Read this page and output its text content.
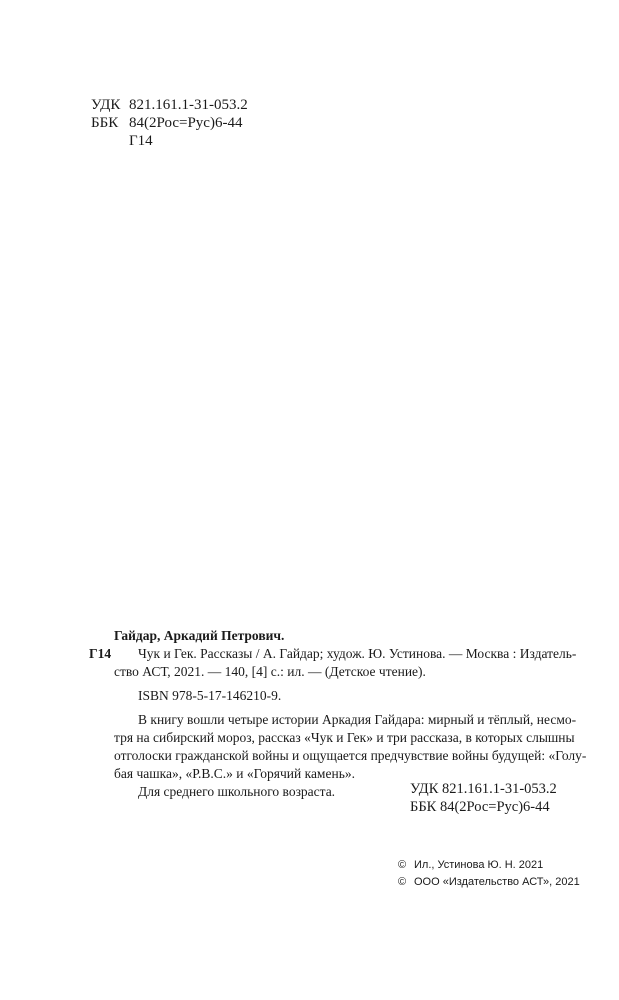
УДК 821.161.1-31-053.2
ББК 84(2Рос=Рус)6-44
Г14
Гайдар, Аркадий Петрович.
Г14	Чук и Гек. Рассказы / А. Гайдар; худож. Ю. Устинова. — Москва : Издатель-
ство АСТ, 2021. — 140, [4] с.: ил. — (Детское чтение).
ISBN 978-5-17-146210-9.
В книгу вошли четыре истории Аркадия Гайдара: мирный и тёплый, несмо-
тря на сибирский мороз, рассказ «Чук и Гек» и три рассказа, в которых слышны
отголоски гражданской войны и ощущается предчувствие войны будущей: «Голу-
бая чашка», «Р.В.С.» и «Горячий камень».
Для среднего школьного возраста.	УДК 821.161.1-31-053.2
ББК 84(2Рос=Рус)6-44
© Ил., Устинова Ю. Н. 2021
© ООО «Издательство АСТ», 2021
